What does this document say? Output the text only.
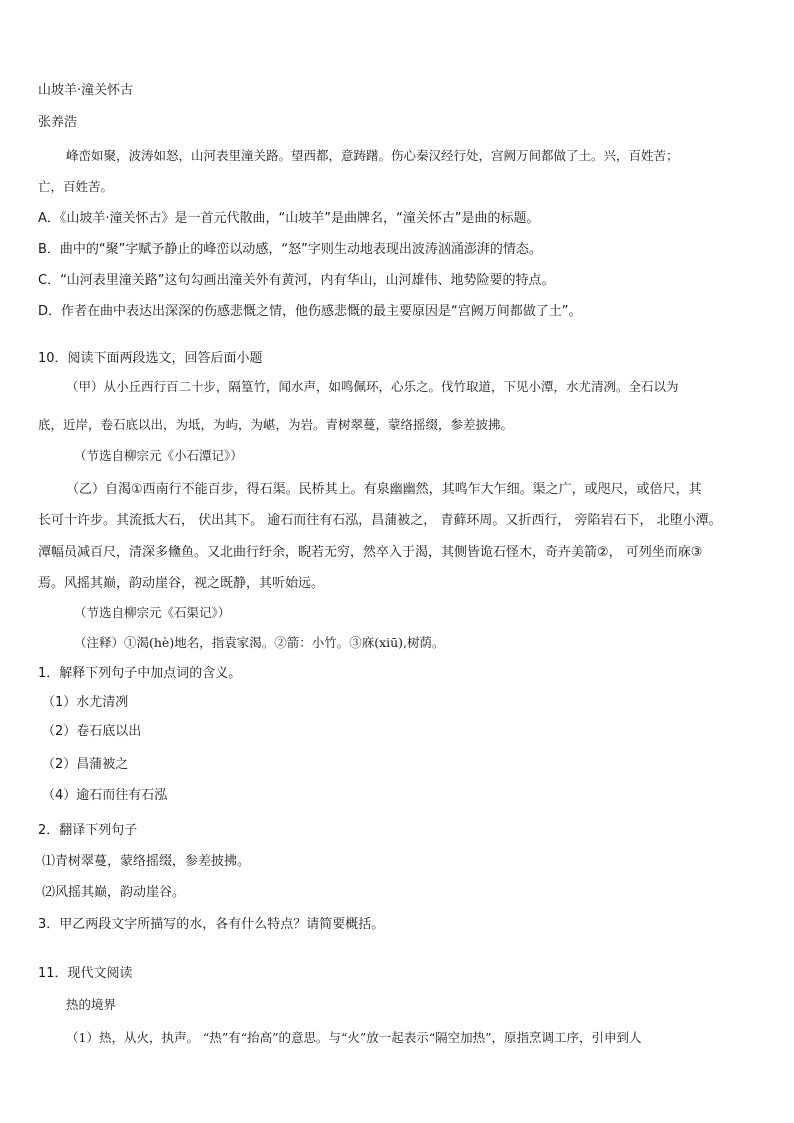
山坡羊·潼关怀古
张养浩
峰峦如聚，波涛如怒，山河表里潼关路。望西都，意踌躇。伤心秦汉经行处，宫阙万间都做了土。兴，百姓苦；
亡，百姓苦。
A．《山坡羊·潼关怀古》是一首元代散曲，“山坡羊”是曲牌名，“潼关怀古”是曲的标题。
B．曲中的“聚”字赋予静止的峰峦以动感，“怒”字则生动地表现出波涛汹涌澎湃的情态。
C．“山河表里潼关路”这句勾画出潼关外有黄河，内有华山，山河雄伟、地势险要的特点。
D．作者在曲中表达出深深的伤感悲慨之情，他伤感悲慨的最主要原因是“宫阙万间都做了土”。
10．阅读下面两段选文，回答后面小题
（甲）从小丘西行百二十步，隔篁竹，闻水声，如鸣佩环，心乐之。伐竹取道，下见小潭，水尤清冽。全石以为
底，近岸，卷石底以出，为坻，为屿，为嵁，为岩。青树翠蔓，蒙络摇缀，参差披拂。
（节选自柳宗元《小石潭记》）
（乙）自渴①西南行不能百步，得石渠。民桥其上。有泉幽幽然，其鸣乍大乍细。渠之广，或咫尺，或倍尺，其
长可十许步。其流抵大石， 伏出其下。 逾石而往有石泓，昌蒲被之， 青藓环周。又折西行， 旁陷岩石下， 北堕小潭。
潭幅员减百尺，清深多儵鱼。又北曲行纡余，睨若无穷，然卒入于渴，其侧皆诡石怪木，奇卉美箭②， 可列坐而庥③
焉。风摇其巅，韵动崖谷，视之既静，其听始远。
（节选自柳宗元《石渠记》）
（注释）①渴(hè)地名，指袁家渴。②箭：小竹。③庥(xiū),树荫。
1．解释下列句子中加点词的含义。
（1）水尤清冽
（2）卷石底以出
（2）昌蒲被之
（4）逾石而往有石泓
2．翻译下列句子
⑴青树翠蔓，蒙络摇缀，参差披拂。
⑵风摇其巅，韵动崖谷。
3．甲乙两段文字所描写的水，各有什么特点？请简要概括。
11．现代文阅读
热的境界
（1）热，从火，执声。 “热”有“抬高”的意思。与“火”放一起表示“隔空加热”，原指烹调工序，引申到人
